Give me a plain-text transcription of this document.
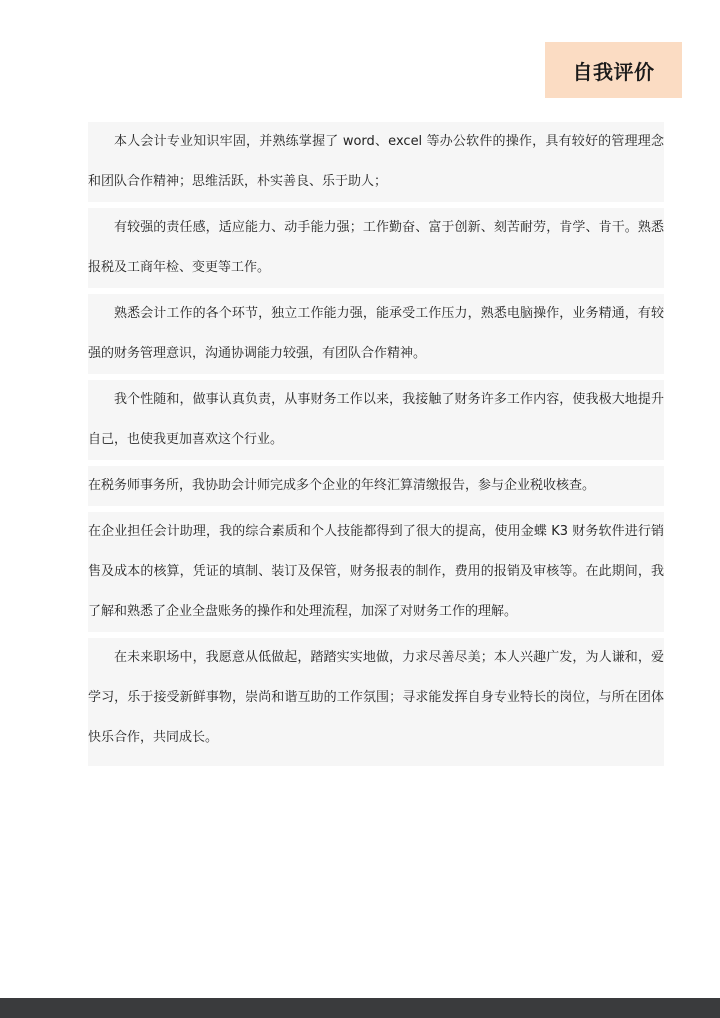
自我评价
本人会计专业知识牢固，并熟练掌握了 word、excel 等办公软件的操作，具有较好的管理理念和团队合作精神；思维活跃，朴实善良、乐于助人；
有较强的责任感，适应能力、动手能力强；工作勤奋、富于创新、刻苦耐劳，肯学、肯干。熟悉报税及工商年检、变更等工作。
熟悉会计工作的各个环节，独立工作能力强，能承受工作压力，熟悉电脑操作，业务精通，有较强的财务管理意识，沟通协调能力较强，有团队合作精神。
我个性随和，做事认真负责，从事财务工作以来，我接触了财务许多工作内容，使我极大地提升自己，也使我更加喜欢这个行业。
在税务师事务所，我协助会计师完成多个企业的年终汇算清缴报告，参与企业税收核查。
在企业担任会计助理，我的综合素质和个人技能都得到了很大的提高，使用金蝶 K3 财务软件进行销售及成本的核算，凭证的填制、装订及保管，财务报表的制作，费用的报销及审核等。在此期间，我了解和熟悉了企业全盘账务的操作和处理流程，加深了对财务工作的理解。
在未来职场中，我愿意从低做起，踏踏实实地做，力求尽善尽美；本人兴趣广发，为人谦和，爱学习，乐于接受新鲜事物，崇尚和谐互助的工作氛围；寻求能发挥自身专业特长的岗位，与所在团体快乐合作，共同成长。
